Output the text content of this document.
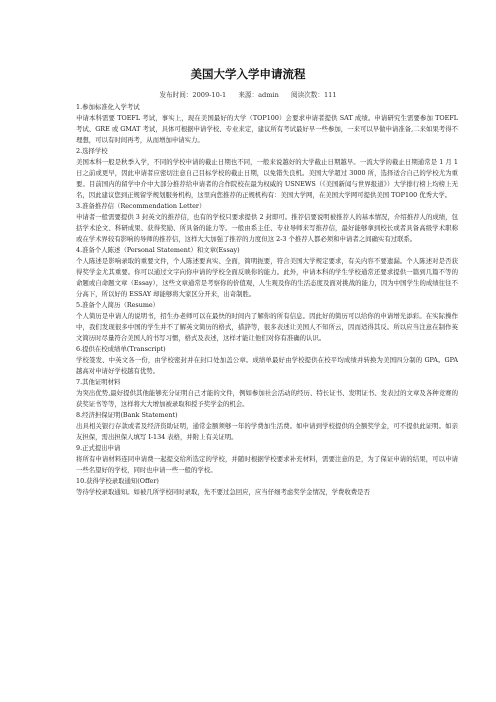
美国大学入学申请流程
发布时间：2009-10-1 来源：admin 阅读次数：111

1.参加标准化入学考试

申请本科需要 TOEFL 考试，事实上，现在美国最好的大学（TOP100）会要求申请者提供 SAT 成绩。申请研究生需要参加 TOEFL 考试、GRE 或 GMAT 考试，具体可根据申请学校、专业来定，建议所有考试最好早一些参加，一来可以早做申请准备,二来如果考得不理想，可以有时间再考，从而增加申请实力。

2.选择学校

美国本科一般是秋季入学，不同的学校申请的截止日期也不同，一般来说越好的大学截止日期越早。一流大学的截止日期通常是 1 月 1 日之前或更早，因此申请者应密切注意自己目标学校的截止日期，以免错失良机。美国大学超过 3000 所，选择适合自己的学校尤为重要。目前国内的留学中介中大部分推荐给申请者的合作院校在最为权威的 USNEWS（《美国新闻与世界报道》）大学排行榜上均榜上无名，因此建议您到正规留学规划服务机构，这里向您推荐的正规机构有：美国大学网，在美国大学网可提供美国 TOP100 优秀大学。

3.准备推荐信（Recommendation Letter）

申请者一般需要提供 3 封英文的推荐信，也有的学校只要求提供 2 封即可。推荐信要说明被推荐人的基本情况，介绍推荐人的成绩，包括学术论文、科研成果、获得奖励、所具备的能力等。一般由系主任、专业导师来写推荐信，最好能够拿到校长或者具备高级学术职称或在学术界较有影响的导师的推荐信，这样大大加强了推荐的力度但这 2-3 个推荐人都必须和申请者之间确实有过联系。

4.准备个人陈述（Personal Statement）和文章(Essay)

个人陈述是影响录取的重要文件，个人陈述要真实、全面，简明扼要，符合美国大学规定要求，有关内容不要遗漏。个人陈述对是否获得奖学金尤其重要。你可以通过文字向你申请的学校全面反映你的能力。此外，申请本科的学生学校通常还要求提供一篇到几篇不等的命题或自命题文章（Essay），这些文章通常是考察你的价值观，人生观及你的生活态度及面对挑战的能力，因为中国学生的成绩往往不分高下，所以好的 ESSAY 却能够将大家区分开来，出奇制胜。

5.准备个人简历（Resume）

个人简历是申请人的说明书，招生办老师可以在最快的时间内了解你的所有信息。因此好的简历可以给你的申请增光添彩。在实际操作中，我们发现很多中国的学生并不了解英文简历的格式，措辞等，很多表述让美国人不知所云，因而适得其反。所以应当注意在制作英文简历时尽量符合美国人的书写习惯，格式及表述，这样才能让他们对你有准确的认识。

6.提供在校成绩单(Transcript)

学校签发、中英文各一份，由学校密封并在封口处加盖公章。成绩单最好由学校提供在校平均成绩并转换为美国四分制的 GPA。GPA 越高对申请好学校越有优势。

7.其他证明材料

为突出优势,最好提供其他能够充分证明自己才能的文件，例如参加社会活动的经历、特长证书、发明证书、发表过的文章及各种竞赛的获奖证书等等，这样将大大增加被录取和授予奖学金的机会。

8.经济担保证明(Bank Statement)

出具相关银行存款或者及经济资助证明，通常金额须够一年的学费加生活费。如申请到学校提供的全额奖学金，可不提供此证明。如亲友担保，需出担保人填写 I-134 表格，并附上有关证明。

9.正式提出申请

将所有申请材料连同申请费一起提交给所选定的学校，并随时根据学校要求补充材料，需要注意的是，为了保证申请的结果，可以申请一些名望好的学校，同时也申请一些一般的学校。

10.获得学校录取通知(Offer)

等待学校录取通知。如被几所学校同时录取，先不要过急回应，应当仔细考虑奖学金情况，学费收费是否
